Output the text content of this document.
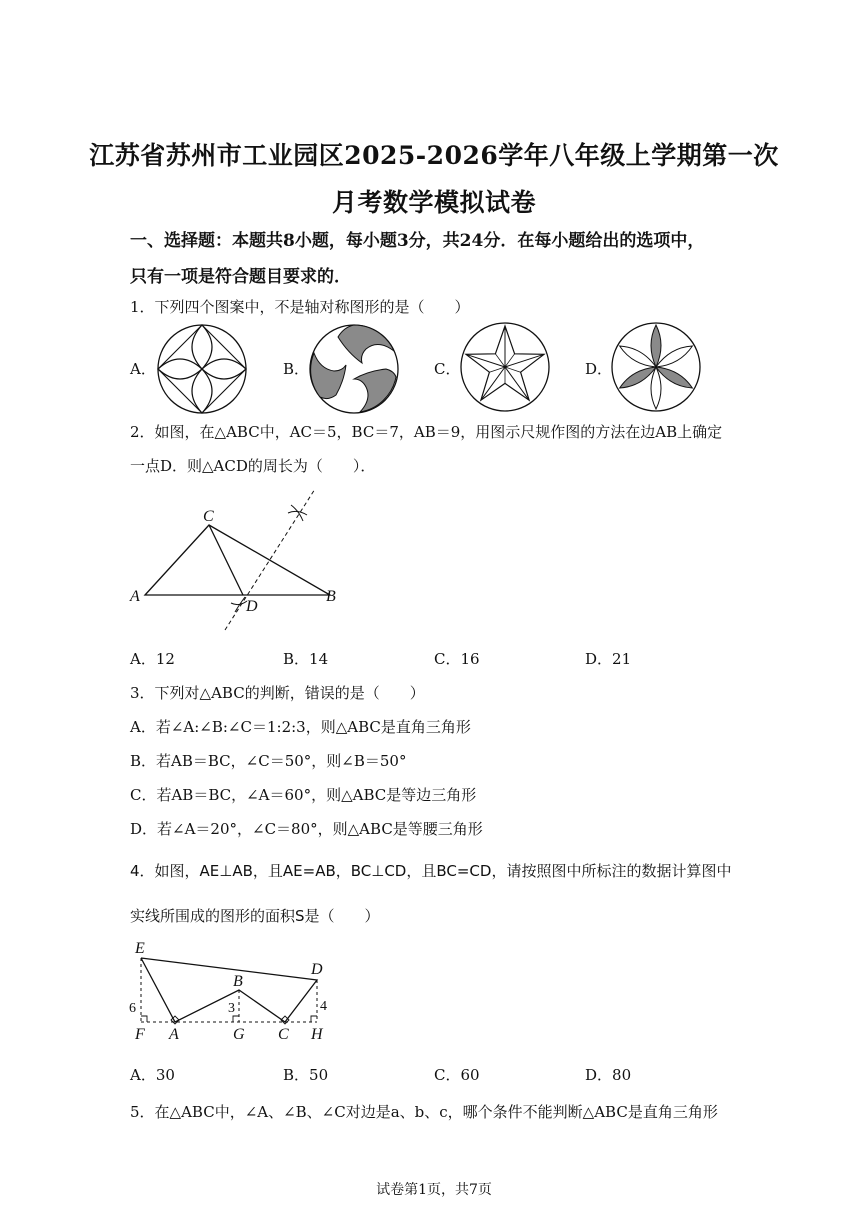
江苏省苏州市工业园区2025-2026学年八年级上学期第一次
月考数学模拟试卷
一、选择题：本题共8小题，每小题3分，共24分．在每小题给出的选项中，
只有一项是符合题目要求的．
1．下列四个图案中，不是轴对称图形的是（　　）
A．	B．	C．	D．
2．如图，在△ABC中，AC＝5，BC＝7，AB＝9，用图示尺规作图的方法在边AB上确定
一点D．则△ACD的周长为（　　）．
C
A
D
B
A．12	B．14	C．16	D．21
3．下列对△ABC的判断，错误的是（　　）
A．若∠A:∠B:∠C＝1:2:3，则△ABC是直角三角形
B．若AB＝BC，∠C＝50°，则∠B＝50°
C．若AB＝BC，∠A＝60°，则△ABC是等边三角形
D．若∠A＝20°，∠C＝80°，则△ABC是等腰三角形
4．如图，AE⊥AB，且AE=AB，BC⊥CD，且BC=CD，请按照图中所标注的数据计算图中
实线所围成的图形的面积S是（　　）
E
D
B
6	3	4
F A	G C H
A．30	B．50	C．60	D．80
5．在△ABC中，∠A、∠B、∠C对边是a、b、c，哪个条件不能判断△ABC是直角三角形
试卷第1页，共7页
